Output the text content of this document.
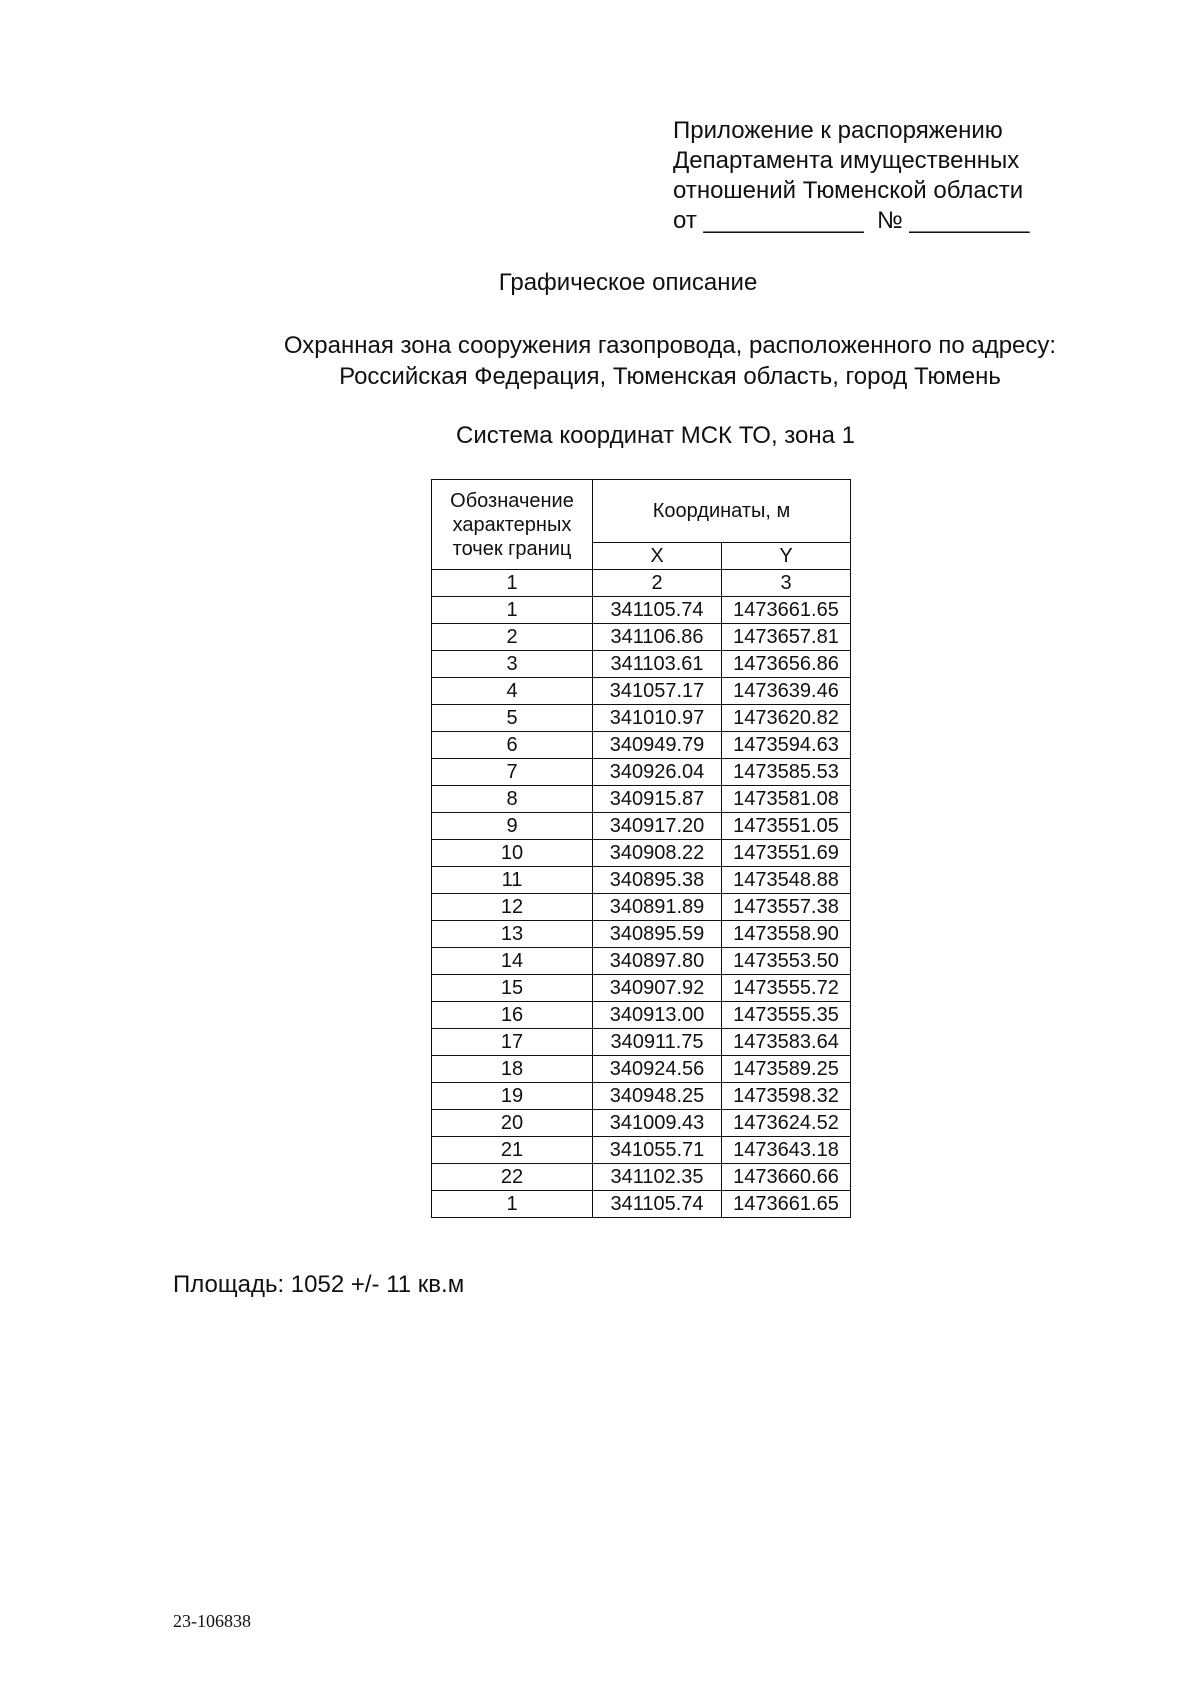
Приложение к распоряжению
Департамента имущественных
отношений Тюменской области
от ____________  № _________
Графическое описание
Охранная зона сооружения газопровода, расположенного по адресу:
Российская Федерация, Тюменская область, город Тюмень
Система координат МСК ТО, зона 1
Обозначение характерных точек границ	Координаты, м	
	X	Y
1	2	3
1	341105.74	1473661.65
2	341106.86	1473657.81
3	341103.61	1473656.86
4	341057.17	1473639.46
5	341010.97	1473620.82
6	340949.79	1473594.63
7	340926.04	1473585.53
8	340915.87	1473581.08
9	340917.20	1473551.05
10	340908.22	1473551.69
11	340895.38	1473548.88
12	340891.89	1473557.38
13	340895.59	1473558.90
14	340897.80	1473553.50
15	340907.92	1473555.72
16	340913.00	1473555.35
17	340911.75	1473583.64
18	340924.56	1473589.25
19	340948.25	1473598.32
20	341009.43	1473624.52
21	341055.71	1473643.18
22	341102.35	1473660.66
1	341105.74	1473661.65
Площадь: 1052 +/- 11 кв.м
23-106838
